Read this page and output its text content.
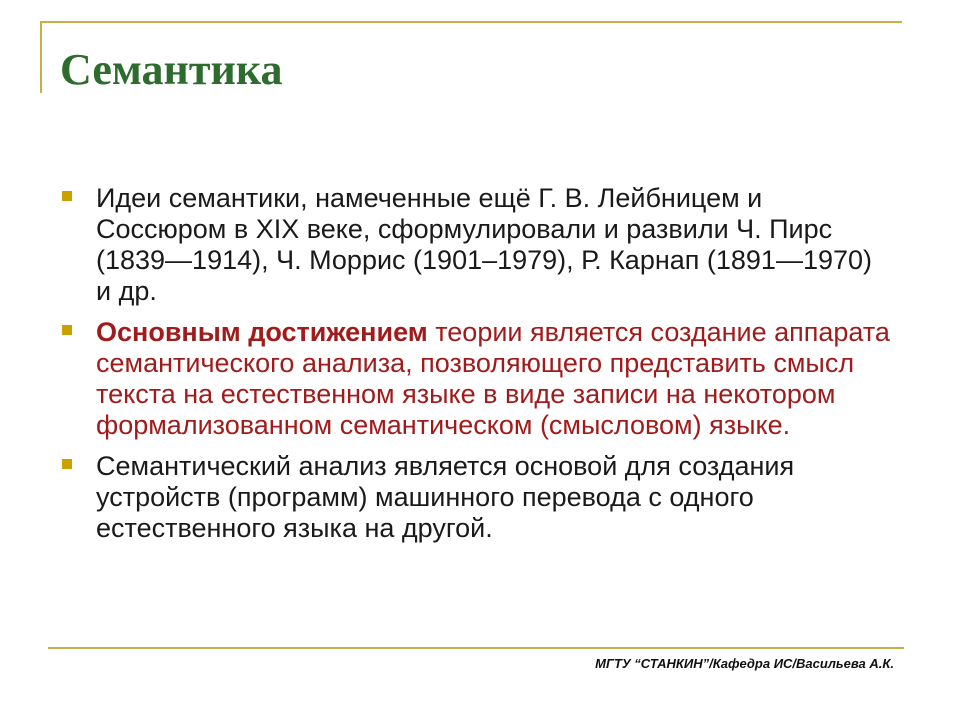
Семантика
Идеи семантики, намеченные ещё Г. В. Лейбницем и Соссюром в XIX веке, сформулировали и развили Ч. Пирс (1839—1914), Ч. Моррис (1901–1979), Р. Карнап (1891—1970) и др.
Основным достижением теории является создание аппарата семантического анализа, позволяющего представить смысл текста на естественном языке в виде записи на некотором формализованном семантическом (смысловом) языке.
Семантический анализ является основой для создания устройств (программ) машинного перевода с одного естественного языка на другой.
МГТУ “СТАНКИН”/Кафедра ИС/Васильева А.К.
